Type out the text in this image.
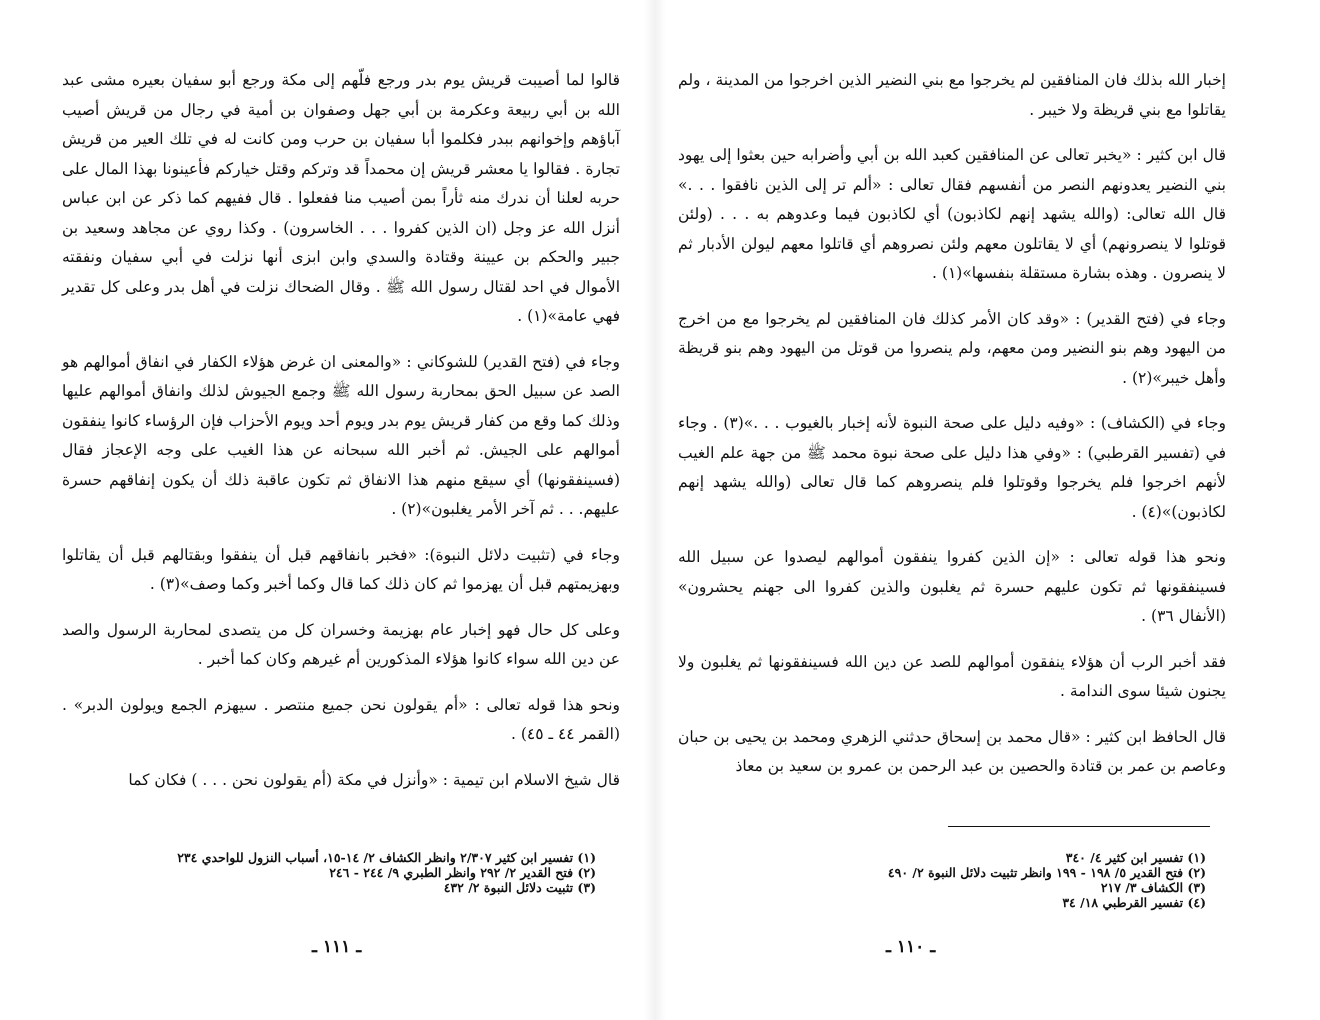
قالوا لما أصيبت قريش يوم بدر ورجع فلّهم إلى مكة ورجع أبو سفيان بعيره مشى عبد الله بن أبي ربيعة وعكرمة بن أبي جهل وصفوان بن أمية في رجال من قريش أصيب آباؤهم وإخوانهم ببدر فكلموا أبا سفيان بن حرب ومن كانت له في تلك العير من قريش تجارة . فقالوا يا معشر قريش إن محمداً قد وتركم وقتل خياركم فأعينونا بهذا المال على حربه لعلنا أن ندرك منه ثأراً بمن أصيب منا ففعلوا . قال ففيهم كما ذكر عن ابن عباس أنزل الله عز وجل (ان الذين كفروا . . . الخاسرون) . وكذا روي عن مجاهد وسعيد بن جبير والحكم بن عيينة وقتادة والسدي وابن ابزى أنها نزلت في أبي سفيان ونفقته الأموال في احد لقتال رسول الله ﷺ . وقال الضحاك نزلت في أهل بدر وعلى كل تقدير فهي عامة»(١) .

وجاء في (فتح القدير) للشوكاني : «والمعنى ان غرض هؤلاء الكفار في انفاق أموالهم هو الصد عن سبيل الحق بمحاربة رسول الله ﷺ وجمع الجيوش لذلك وانفاق أموالهم عليها وذلك كما وقع من كفار قريش يوم بدر ويوم أحد ويوم الأحزاب فإن الرؤساء كانوا ينفقون أموالهم على الجيش. ثم أخبر الله سبحانه عن هذا الغيب على وجه الإعجاز فقال (فسينفقونها) أي سيقع منهم هذا الانفاق ثم تكون عاقبة ذلك أن يكون إنفاقهم حسرة عليهم. . . ثم آخر الأمر يغلبون»(٢) .

وجاء في (تثبيت دلائل النبوة): «فخبر بانفاقهم قبل أن ينفقوا وبقتالهم قبل أن يقاتلوا وبهزيمتهم قبل أن يهزموا ثم كان ذلك كما قال وكما أخبر وكما وصف»(٣) .

وعلى كل حال فهو إخبار عام بهزيمة وخسران كل من يتصدى لمحاربة الرسول والصد عن دين الله سواء كانوا هؤلاء المذكورين أم غيرهم وكان كما أخبر .

ونحو هذا قوله تعالى : «أم يقولون نحن جميع منتصر . سيهزم الجمع ويولون الدبر» . (القمر ٤٤ ـ ٤٥) .

قال شيخ الاسلام ابن تيمية : «وأنزل في مكة (أم يقولون نحن . . . ) فكان كما

(١) تفسير ابن كثير ٢/٣٠٧ وانظر الكشاف ٢/ ١٤-١٥، أسباب النزول للواحدي ٢٣٤

(٢) فتح القدير ٢/ ٢٩٢ وانظر الطبري ٩/ ٢٤٤ - ٢٤٦

(٣) تثبيت دلائل النبوة ٢/ ٤٣٢

ـ ١١١ ـ

إخبار الله بذلك فان المنافقين لم يخرجوا مع بني النضير الذين اخرجوا من المدينة ، ولم يقاتلوا مع بني قريظة ولا خيبر .

قال ابن كثير : «يخبر تعالى عن المنافقين كعبد الله بن أبي وأضرابه حين بعثوا إلى يهود بني النضير يعدونهم النصر من أنفسهم فقال تعالى : «ألم تر إلى الذين نافقوا . . .» قال الله تعالى: (والله يشهد إنهم لكاذبون) أي لكاذبون فيما وعدوهم به . . . (ولئن قوتلوا لا ينصرونهم) أي لا يقاتلون معهم ولئن نصروهم أي قاتلوا معهم ليولن الأدبار ثم لا ينصرون . وهذه بشارة مستقلة بنفسها»(١) .

وجاء في (فتح القدير) : «وقد كان الأمر كذلك فان المنافقين لم يخرجوا مع من اخرج من اليهود وهم بنو النضير ومن معهم، ولم ينصروا من قوتل من اليهود وهم بنو قريظة وأهل خيبر»(٢) .

وجاء في (الكشاف) : «وفيه دليل على صحة النبوة لأنه إخبار بالغيوب . . .»(٣) . وجاء في (تفسير القرطبي) : «وفي هذا دليل على صحة نبوة محمد ﷺ من جهة علم الغيب لأنهم اخرجوا فلم يخرجوا وقوتلوا فلم ينصروهم كما قال تعالى (والله يشهد إنهم لكاذبون)»(٤) .

ونحو هذا قوله تعالى : «إن الذين كفروا ينفقون أموالهم ليصدوا عن سبيل الله فسينفقونها ثم تكون عليهم حسرة ثم يغلبون والذين كفروا الى جهنم يحشرون» (الأنفال ٣٦) .

فقد أخبر الرب أن هؤلاء ينفقون أموالهم للصد عن دين الله فسينفقونها ثم يغلبون ولا يجنون شيئا سوى الندامة .

قال الحافظ ابن كثير : «قال محمد بن إسحاق حدثني الزهري ومحمد بن يحيى بن حبان وعاصم بن عمر بن قتادة والحصين بن عبد الرحمن بن عمرو بن سعيد بن معاذ

(١) تفسير ابن كثير ٤/ ٣٤٠

(٢) فتح القدير ٥/ ١٩٨ - ١٩٩ وانظر تثبيت دلائل النبوة ٢/ ٤٩٠

(٣) الكشاف ٣/ ٢١٧

(٤) تفسير القرطبي ١٨/ ٣٤

ـ ١١٠ ـ
